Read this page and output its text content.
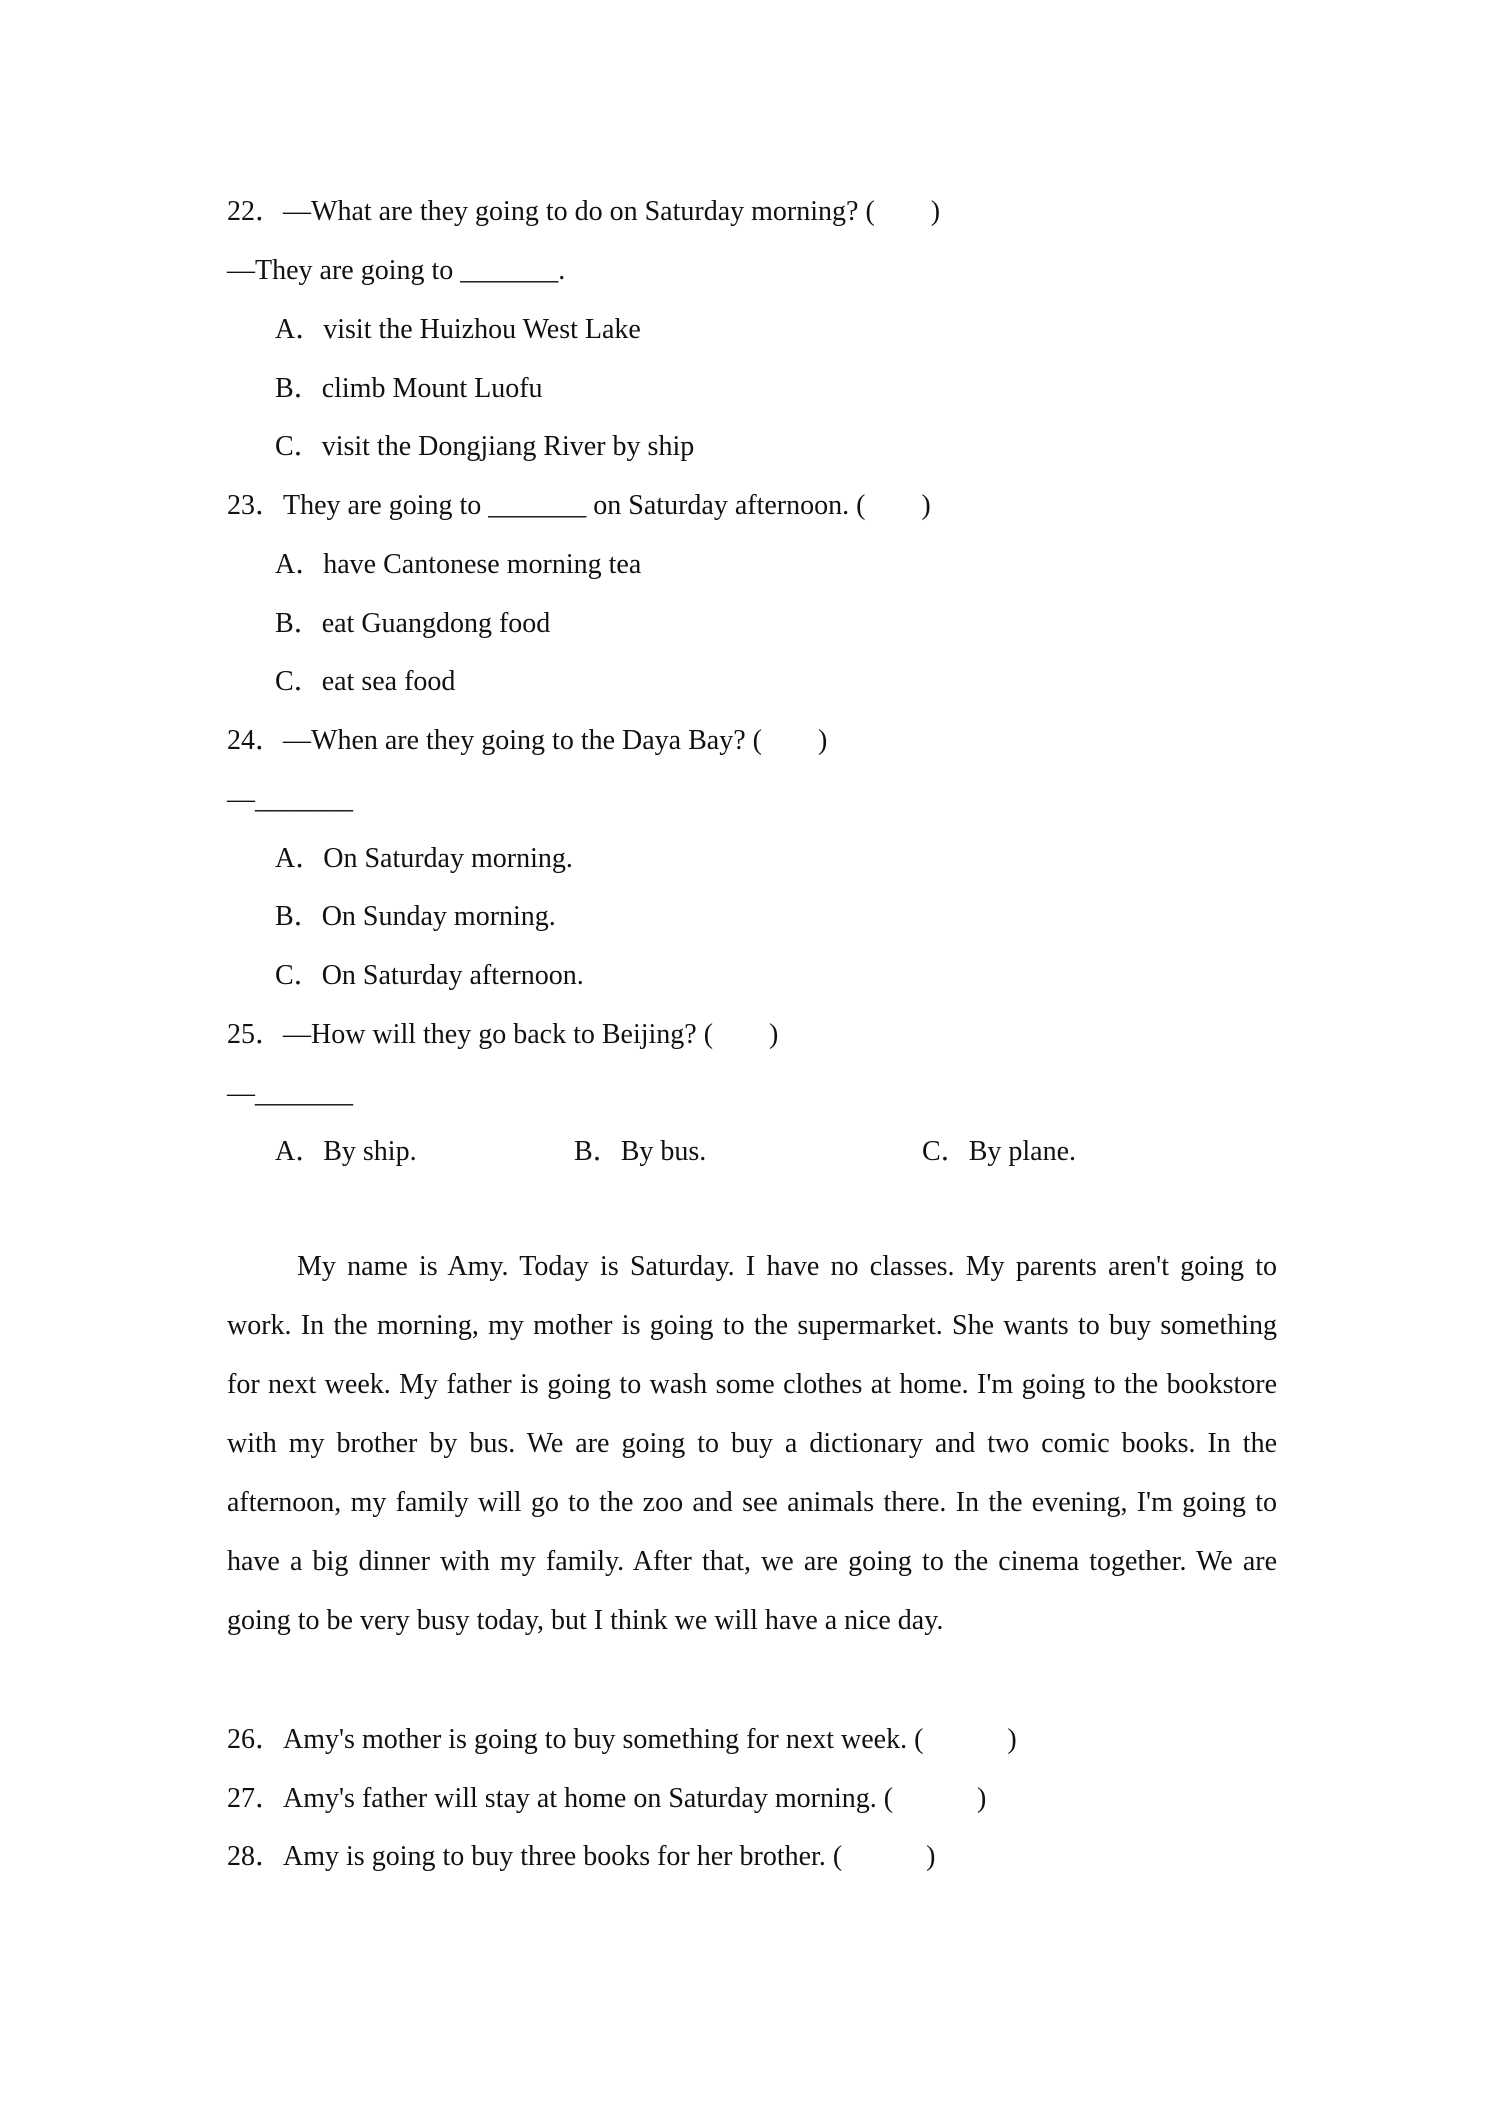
22．—What are they going to do on Saturday morning? (　　)
—They are going to _______.
A．visit the Huizhou West Lake
B．climb Mount Luofu
C．visit the Dongjiang River by ship
23．They are going to _______ on Saturday afternoon. (　　)
A．have Cantonese morning tea
B．eat Guangdong food
C．eat sea food
24．—When are they going to the Daya Bay? (　　)
—_______
A．On Saturday morning.
B．On Sunday morning.
C．On Saturday afternoon.
25．—How will they go back to Beijing? (　　)
—_______
A．By ship.	B．By bus.	C．By plane.

My name is Amy. Today is Saturday. I have no classes. My parents aren't going to work. In the morning, my mother is going to the supermarket. She wants to buy something for next week. My father is going to wash some clothes at home. I'm going to the bookstore with my brother by bus. We are going to buy a dictionary and two comic books. In the afternoon, my family will go to the zoo and see animals there. In the evening, I'm going to have a big dinner with my family. After that, we are going to the cinema together. We are going to be very busy today, but I think we will have a nice day.

26．Amy's mother is going to buy something for next week. (　　　)
27．Amy's father will stay at home on Saturday morning. (　　　)
28．Amy is going to buy three books for her brother. (　　　)
